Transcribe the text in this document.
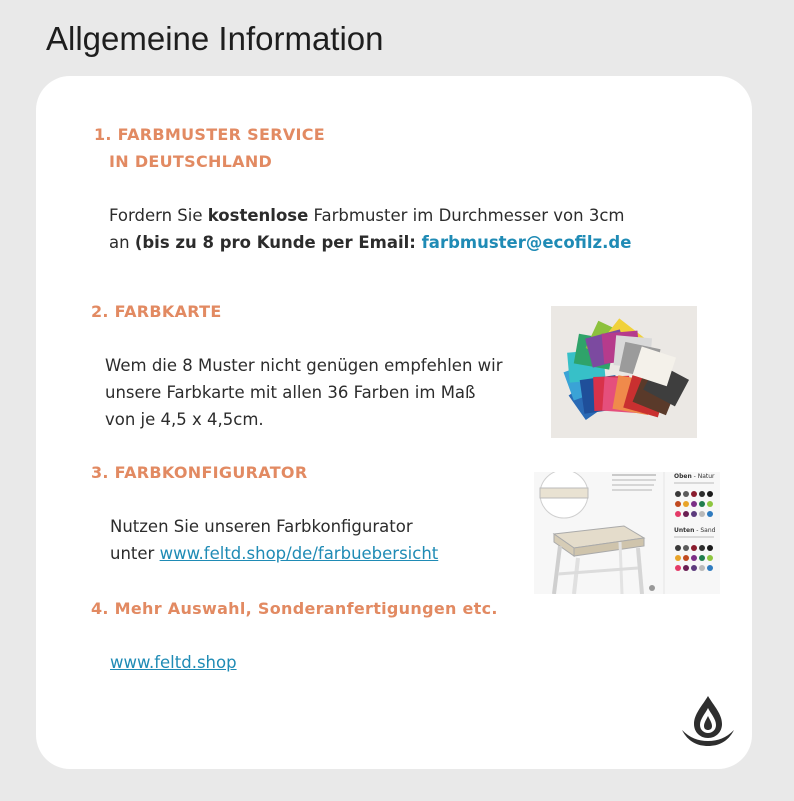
Allgemeine Information
1. FARBMUSTER SERVICE
IN DEUTSCHLAND
Fordern Sie kostenlose Farbmuster im Durchmesser von 3cm
an (bis zu 8 pro Kunde per Email: farbmuster@ecofilz.de
2. FARBKARTE
Wem die 8 Muster nicht genügen empfehlen wir
unsere Farbkarte mit allen 36 Farben im Maß
von je 4,5 x 4,5cm.
3. FARBKONFIGURATOR
Nutzen Sie unseren Farbkonfigurator
unter www.feltd.shop/de/farbuebersicht
Oben - Natur
Unten - Sand
4. Mehr Auswahl, Sonderanfertigungen etc.
www.feltd.shop
